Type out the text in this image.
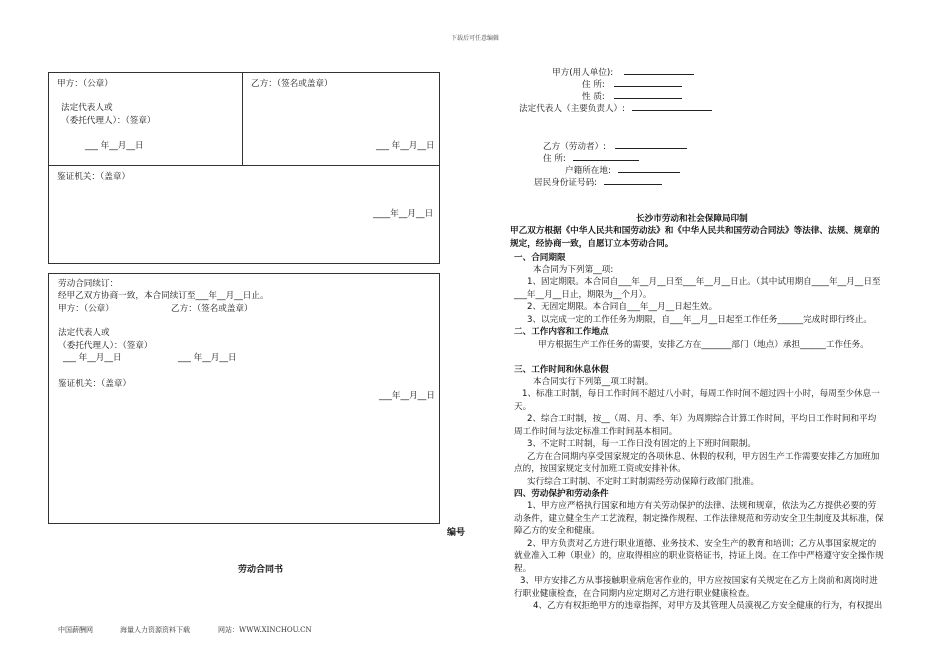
下载后可任意编辑
甲方：（公章）	乙方：（签名或盖章）
法定代表人或
（委托代理人）：（签章）
___ 年__月__日	___ 年__月__日
鉴证机关：（盖章）
____年__月__日
劳动合同续订：
经甲乙双方协商一致，本合同续订至___年__月__日止。
甲方：（公章）	乙方：（签名或盖章）
法定代表人或
（委托代理人）：（签章）
___ 年__月__日	___ 年__月__日
鉴证机关：（盖章）
___年__月__日
编号
劳动合同书
甲方(用人单位):
住 所:
性 质:
法定代表人（主要负责人）:
乙方（劳动者）:
住 所:
户籍所在地:
居民身份证号码:
长沙市劳动和社会保障局印制
甲乙双方根据《中华人民共和国劳动法》和《中华人民共和国劳动合同法》等法律、法规、规章的
规定，经协商一致，自愿订立本劳动合同。
一、合同期限
本合同为下列第__项:
1、固定期限。本合同自___年__月__日至___年__月__日止。（其中试用期自____年__月__日至
___年__月__日止，期限为__个月）。
2、无固定期限。本合同自___年__月__日起生效。
3、以完成一定的工作任务为期限，自___年__月__日起至工作任务______完成时即行终止。
二、工作内容和工作地点
甲方根据生产工作任务的需要，安排乙方在_______部门（地点）承担______工作任务。
三、工作时间和休息休假
本合同实行下列第__项工时制。
1、标准工时制，每日工作时间不超过八小时，每周工作时间不超过四十小时，每周至少休息一
天。
2、综合工时制，按__（周、月、季、年）为周期综合计算工作时间，平均日工作时间和平均
周工作时间与法定标准工作时间基本相同。
3、不定时工时制，每一工作日没有固定的上下班时间限制。
乙方在合同期内享受国家规定的各项休息、休假的权利，甲方因生产工作需要安排乙方加班加
点的，按国家规定支付加班工资或安排补休。
实行综合工时制、不定时工时制需经劳动保障行政部门批准。
四、劳动保护和劳动条件
1、甲方应严格执行国家和地方有关劳动保护的法律、法规和规章，依法为乙方提供必要的劳
动条件，建立健全生产工艺流程，制定操作规程、工作法律规范和劳动安全卫生制度及其标准，保
障乙方的安全和健康。
2、甲方负责对乙方进行职业道德、业务技术、安全生产的教育和培训；乙方从事国家规定的
就业准入工种（职业）的，应取得相应的职业资格证书，持证上岗。在工作中严格遵守安全操作规
程。
3、甲方安排乙方从事接触职业病危害作业的，甲方应按国家有关规定在乙方上岗前和离岗时进
行职业健康检查，在合同期内应定期对乙方进行职业健康检查。
4、乙方有权拒绝甲方的违章指挥，对甲方及其管理人员漠视乙方安全健康的行为，有权提出
中国薪酬网	海量人力资源资料下载	网站：WWW.XINCHOU.CN
